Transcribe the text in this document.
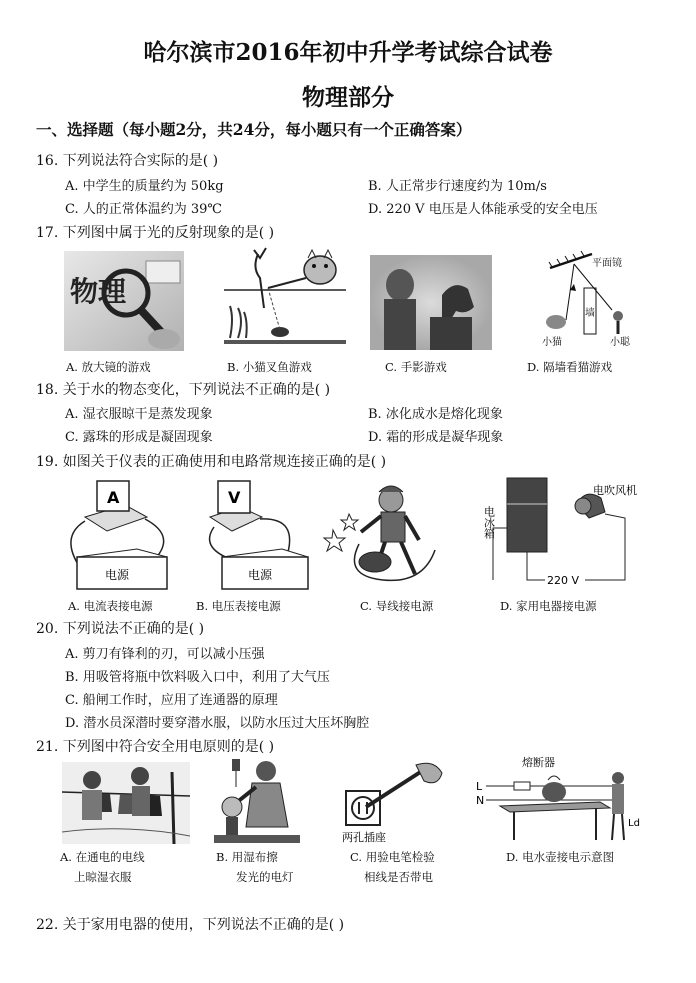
哈尔滨市2016年初中升学考试综合试卷
物理部分
一、选择题（每小题2分，共24分，每小题只有一个正确答案）
16. 下列说法符合实际的是( )
A. 中学生的质量约为 50kg	B. 人正常步行速度约为 10m/s
C. 人的正常体温约为 39℃	D. 220 V 电压是人体能承受的安全电压
17. 下列图中属于光的反射现象的是( )
物理
平面镜
墙
小猫	小聪
A. 放大镜的游戏	B. 小猫叉鱼游戏	C. 手影游戏	D. 隔墙看猫游戏
18. 关于水的物态变化，下列说法不正确的是( )
A. 湿衣服晾干是蒸发现象	B. 冰化成水是熔化现象
C. 露珠的形成是凝固现象	D. 霜的形成是凝华现象
19. 如图关于仪表的正确使用和电路常规连接正确的是( )
A
电源
V
电源
电冰箱
电吹风机
220 V
A. 电流表接电源	B. 电压表接电源	C. 导线接电源	D. 家用电器接电源
20. 下列说法不正确的是( )
A. 剪刀有锋利的刃，可以减小压强
B. 用吸管将瓶中饮料吸入口中，利用了大气压
C. 船闸工作时，应用了连通器的原理
D. 潜水员深潜时要穿潜水服，以防水压过大压坏胸腔
21. 下列图中符合安全用电原则的是( )
两孔插座
熔断器
L
N
Ld
A. 在通电的电线
上晾湿衣服
B. 用湿布擦
发光的电灯
C. 用验电笔检验
相线是否带电
D. 电水壶接电示意图
22. 关于家用电器的使用，下列说法不正确的是( )
